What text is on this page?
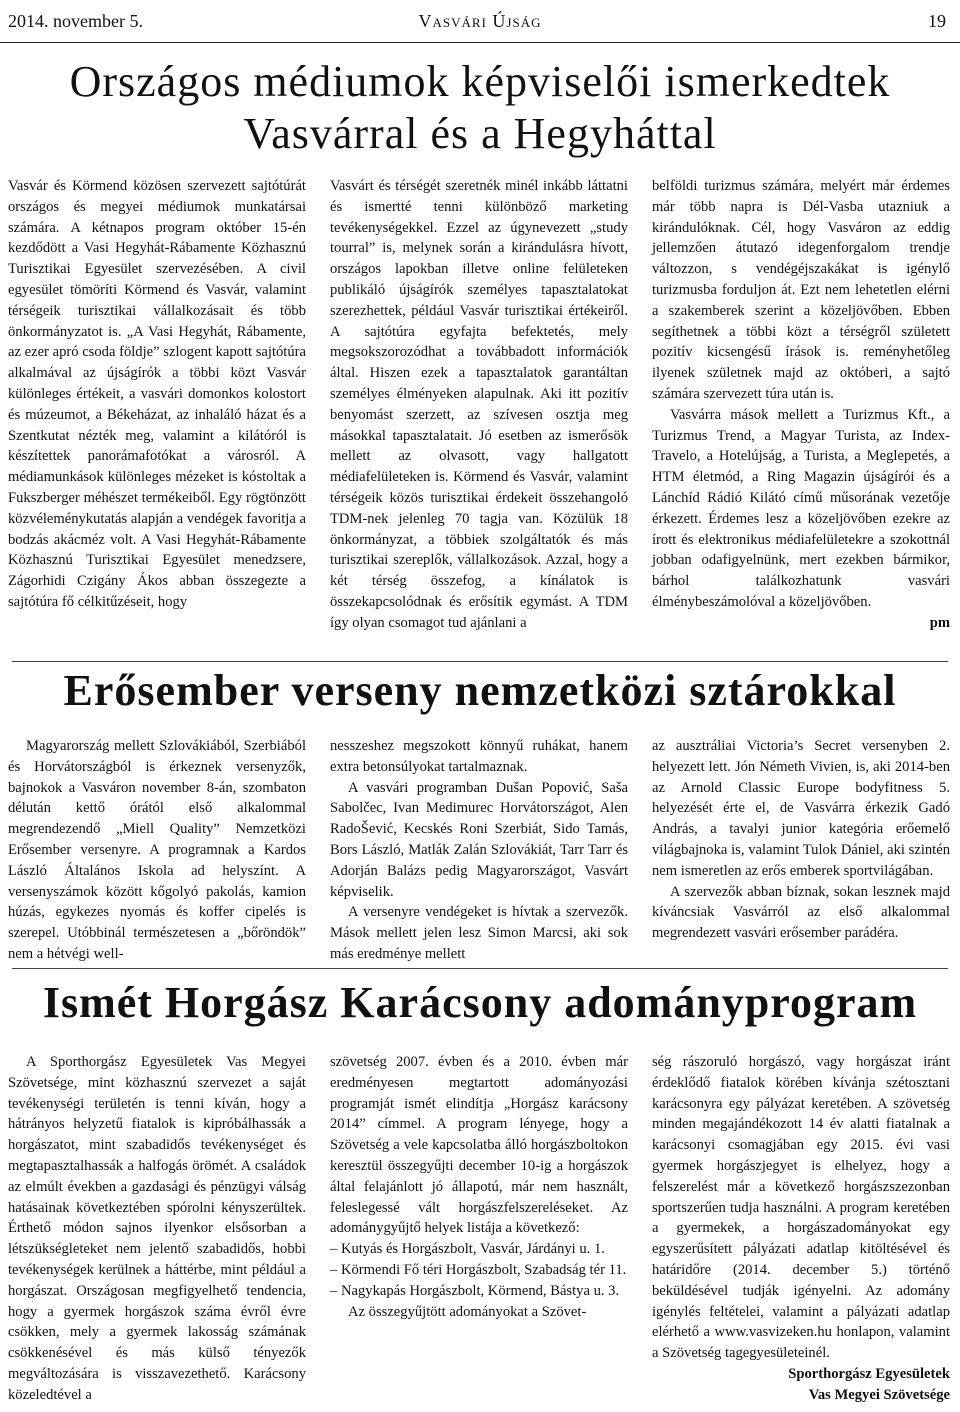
2014. november 5.	Vasvári Újság	19
Országos médiumok képviselői ismerkedtek
Vasvárral és a Hegyháttal

Vasvár és Körmend közösen szervezett sajtótúrát országos és megyei médiumok munkatársai számára. A kétnapos program október 15-én kezdődött a Vasi Hegyhát-Rábamente Közhasznú Turisztikai Egyesület szervezésében. A civil egyesület tömöríti Körmend és Vasvár, valamint térségeik turisztikai vállalkozásait és több önkormányzatot is. „A Vasi Hegyhát, Rábamente, az ezer apró csoda földje” szlogent kapott sajtótúra alkalmával az újságírók a többi közt Vasvár különleges értékeit, a vasvári domonkos kolostort és múzeumot, a Békeházat, az inhaláló házat és a Szentkutat nézték meg, valamint a kilátóról is készítettek panorámafotókat a városról. A médiamunkások különleges mézeket is kóstoltak a Fukszberger méhészet termékeiből. Egy rögtönzött közvéleménykutatás alapján a vendégek favoritja a bodzás akácméz volt. A Vasi Hegyhát-Rábamente Közhasznú Turisztikai Egyesület menedzsere, Zágorhidi Czigány Ákos abban összegezte a sajtótúra fő célkitűzéseit, hogy

Vasvárt és térségét szeretnék minél inkább láttatni és ismertté tenni különböző marketing tevékenységekkel. Ezzel az úgynevezett „study tourral” is, melynek során a kirándulásra hívott, országos lapokban illetve online felületeken publikáló újságírók személyes tapasztalatokat szerezhettek, például Vasvár turisztikai értékeiről. A sajtótúra egyfajta befektetés, mely megsokszorozódhat a továbbadott információk által. Hiszen ezek a tapasztalatok garantáltan személyes élményeken alapulnak. Aki itt pozitív benyomást szerzett, az szívesen osztja meg másokkal tapasztalatait. Jó esetben az ismerősök mellett az olvasott, vagy hallgatott médiafelületeken is. Körmend és Vasvár, valamint térségeik közös turisztikai érdekeit összehangoló TDM-nek jelenleg 70 tagja van. Közülük 18 önkormányzat, a többiek szolgáltatók és más turisztikai szereplők, vállalkozások. Azzal, hogy a két térség összefog, a kínálatok is összekapcsolódnak és erősítik egymást. A TDM így olyan csomagot tud ajánlani a

belföldi turizmus számára, melyért már érdemes már több napra is Dél-Vasba utazniuk a kirándulóknak. Cél, hogy Vasváron az eddig jellemzően átutazó idegenforgalom trendje változzon, s vendégéjszakákat is igénylő turizmusba forduljon át. Ezt nem lehetetlen elérni a szakemberek szerint a közeljövőben. Ebben segíthetnek a többi közt a térségről született pozitív kicsengésű írások is. reményhetőleg ilyenek születnek majd az októberi, a sajtó számára szervezett túra után is.

Vasvárra mások mellett a Turizmus Kft., a Turizmus Trend, a Magyar Turista, az Index-Travelo, a Hotelújság, a Turista, a Meglepetés, a HTM életmód, a Ring Magazin újságírói és a Lánchíd Rádió Kilátó című műsorának vezetője érkezett. Érdemes lesz a közeljövőben ezekre az írott és elektronikus médiafelületekre a szokottnál jobban odafigyelnünk, mert ezekben bármikor, bárhol találkozhatunk vasvári élménybeszámolóval a közeljövőben.

pm

Erősember verseny nemzetközi sztárokkal

Magyarország mellett Szlovákiából, Szerbiából és Horvátországból is érkeznek versenyzők, bajnokok a Vasváron november 8-án, szombaton délután kettő órától első alkalommal megrendezendő „Miell Quality” Nemzetközi Erősember versenyre. A programnak a Kardos László Általános Iskola ad helyszínt. A versenyszámok között kőgolyó pakolás, kamion húzás, egykezes nyomás és koffer cipelés is szerepel. Utóbbinál természetesen a „bőröndök” nem a hétvégi well-

nesszeshez megszokott könnyű ruhákat, hanem extra betonsúlyokat tartalmaznak.

A vasvári programban Dušan Popović, Saša Sabolčec, Ivan Medimurec Horvátországot, Alen RadoŠević, Kecskés Roni Szerbiát, Sido Tamás, Bors László, Matlák Zalán Szlovákiát, Tarr Tarr és Adorján Balázs pedig Magyarországot, Vasvárt képviselik.

A versenyre vendégeket is hívtak a szervezők. Mások mellett jelen lesz Simon Marcsi, aki sok más eredménye mellett

az ausztráliai Victoria’s Secret versenyben 2. helyezett lett. Jón Németh Vivien, is, aki 2014-ben az Arnold Classic Europe bodyfitness 5. helyezését érte el, de Vasvárra érkezik Gadó András, a tavalyi junior kategória erőemelő világbajnoka is, valamint Tulok Dániel, aki szintén nem ismeretlen az erős emberek sportvilágában.

A szervezők abban bíznak, sokan lesznek majd kíváncsiak Vasvárról az első alkalommal megrendezett vasvári erősember parádéra.

Ismét Horgász Karácsony adományprogram

A Sporthorgász Egyesületek Vas Megyei Szövetsége, mint közhasznú szervezet a saját tevékenységi területén is tenni kíván, hogy a hátrányos helyzetű fiatalok is kipróbálhassák a horgászatot, mint szabadidős tevékenységet és megtapasztalhassák a halfogás örömét. A családok az elmúlt években a gazdasági és pénzügyi válság hatásainak következtében spórolni kényszerültek. Érthető módon sajnos ilyenkor elsősorban a létszükségleteket nem jelentő szabadidős, hobbi tevékenységek kerülnek a háttérbe, mint például a horgászat. Országosan megfigyelhető tendencia, hogy a gyermek horgászok száma évről évre csökken, mely a gyermek lakosság számának csökkenésével és más külső tényezők megváltozására is visszavezethető. Karácsony közeledtével a

szövetség 2007. évben és a 2010. évben már eredményesen megtartott adományozási programját ismét elindítja „Horgász karácsony 2014” címmel. A program lényege, hogy a Szövetség a vele kapcsolatba álló horgászboltokon keresztül összegyűjti december 10-ig a horgászok által felajánlott jó állapotú, már nem használt, feleslegessé vált horgászfelszereléseket. Az adománygyűjtő helyek listája a következő:

– Kutyás és Horgászbolt, Vasvár, Járdányi u. 1.
– Körmendi Fő téri Horgászbolt, Szabadság tér 11.
– Nagykapás Horgászbolt, Körmend, Bástya u. 3.

Az összegyűjtött adományokat a Szövet-

ség rászoruló horgászó, vagy horgászat iránt érdeklődő fiatalok körében kívánja szétosztani karácsonyra egy pályázat keretében. A szövetség minden megajándékozott 14 év alatti fiatalnak a karácsonyi csomagjában egy 2015. évi vasi gyermek horgászjegyet is elhelyez, hogy a felszerelést már a következő horgászszezonban sportszerűen tudja használni. A program keretében a gyermekek, a horgászadományokat egy egyszerűsített pályázati adatlap kitöltésével és határidőre (2014. december 5.) történő beküldésével tudják igényelni. Az adomány igénylés feltételei, valamint a pályázati adatlap elérhető a www.vasvizeken.hu honlapon, valamint a Szövetség tagegyesületeinél.

Sporthorgász Egyesületek

Vas Megyei Szövetsége
